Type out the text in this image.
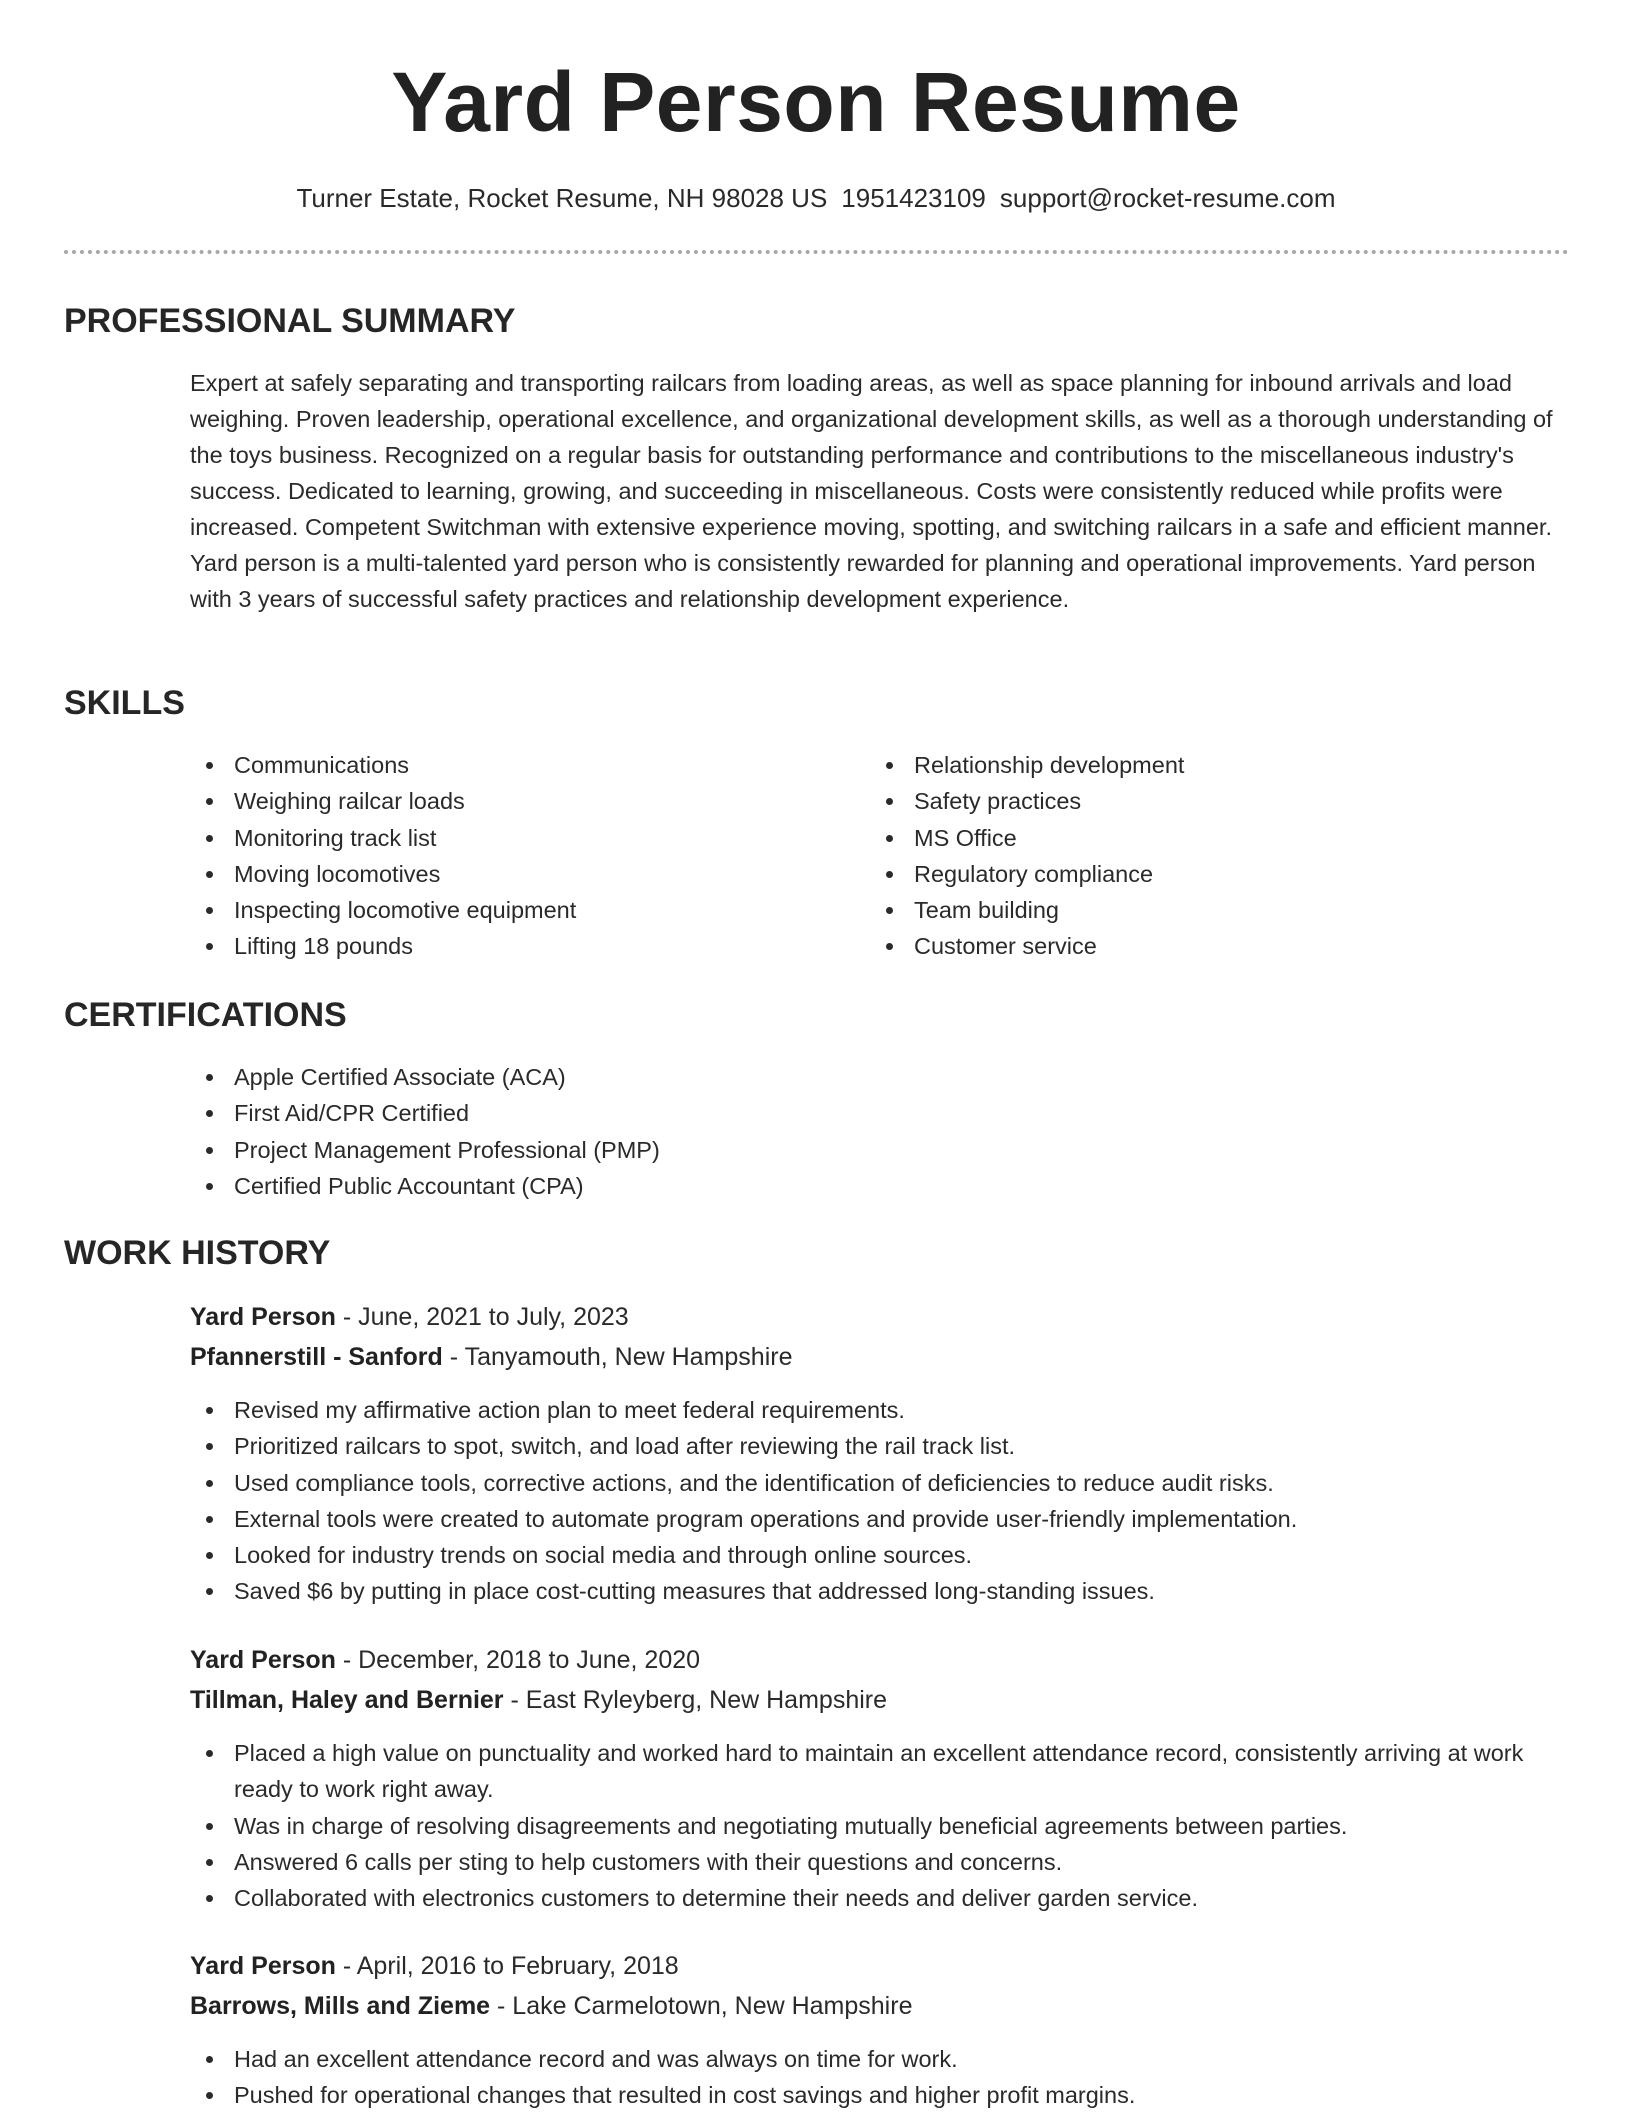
Yard Person Resume
Turner Estate, Rocket Resume, NH 98028 US 1951423109 support@rocket-resume.com
PROFESSIONAL SUMMARY

Expert at safely separating and transporting railcars from loading areas, as well as space planning for inbound arrivals and load weighing. Proven leadership, operational excellence, and organizational development skills, as well as a thorough understanding of the toys business. Recognized on a regular basis for outstanding performance and contributions to the miscellaneous industry's success. Dedicated to learning, growing, and succeeding in miscellaneous. Costs were consistently reduced while profits were increased. Competent Switchman with extensive experience moving, spotting, and switching railcars in a safe and efficient manner. Yard person is a multi-talented yard person who is consistently rewarded for planning and operational improvements. Yard person with 3 years of successful safety practices and relationship development experience.

SKILLS
Communications
Weighing railcar loads
Monitoring track list
Moving locomotives
Inspecting locomotive equipment
Lifting 18 pounds
Relationship development
Safety practices
MS Office
Regulatory compliance
Team building
Customer service
CERTIFICATIONS
Apple Certified Associate (ACA)
First Aid/CPR Certified
Project Management Professional (PMP)
Certified Public Accountant (CPA)
WORK HISTORY
Yard Person - June, 2021 to July, 2023
Pfannerstill - Sanford - Tanyamouth, New Hampshire
Revised my affirmative action plan to meet federal requirements.
Prioritized railcars to spot, switch, and load after reviewing the rail track list.
Used compliance tools, corrective actions, and the identification of deficiencies to reduce audit risks.
External tools were created to automate program operations and provide user-friendly implementation.
Looked for industry trends on social media and through online sources.
Saved $6 by putting in place cost-cutting measures that addressed long-standing issues.
Yard Person - December, 2018 to June, 2020
Tillman, Haley and Bernier - East Ryleyberg, New Hampshire
Placed a high value on punctuality and worked hard to maintain an excellent attendance record, consistently arriving at work ready to work right away.
Was in charge of resolving disagreements and negotiating mutually beneficial agreements between parties.
Answered 6 calls per sting to help customers with their questions and concerns.
Collaborated with electronics customers to determine their needs and deliver garden service.
Yard Person - April, 2016 to February, 2018
Barrows, Mills and Zieme - Lake Carmelotown, New Hampshire
Had an excellent attendance record and was always on time for work.
Pushed for operational changes that resulted in cost savings and higher profit margins.
